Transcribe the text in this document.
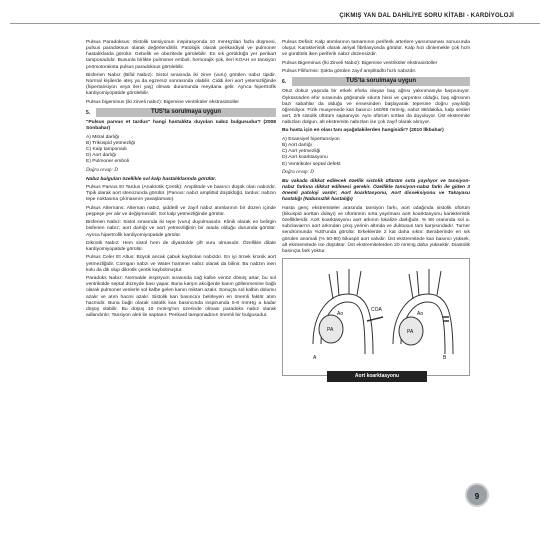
ÇIKMIŞ YAN DAL DAHİLİYE SORU KİTABI - KARDİYOLOJİ

Pulsus Paradoksus: Sistolik tansiyonun inspirasyonda 10 mmHg'dan fazla düşmesi, pulsus paradoksus olarak değerlendirilir. Patolojik olarak perikardiyal ve pulmoner hastalıklarda görülür. Gebelik ve obezitede görülebilir. En sık görüldüğü yer perikart tamponadıdır. Bununla birlikte pulmoner emboli, hemorajik şok, ileri KOAH ve tansiyon pnömotoraksta pulsus paradoksus görülebilir.

Bisferien Nabız (Bifid Nabız): Sistol sırasında iki zirve (vuru) görülen nabız tipidir. Normal kişilerde ateş ya da egzersiz sonrasında olabilir. Ciddi ileri aort yetersizliğinde (hipertansiyon veya ileri yaş) olması durumunda meydana gelir. Ayrıca hipertrofik kardiyomiyopatide görülebilir.

Pulsus bigeminus (iki zirveli nabız): Bigemine ventriküler ekstrasistoller

5.	TUS'ta sorulmaya uygun

"Pulsus parvus et tardus" hangi hastalıkta duyulan nabız bulgusudur? (2008 Sonbahar)

A) Mitral darlığı
B) Triküspid yetmezliği
C) Kalp tamponadı
D) Aort darlığı
E) Pulmoner emboli
Doğru cevap: D

Nabız bulguları özellikle sol kalp hastalıklarında görülür.

Pulsus Parvus Et Tardus (Anakrotik Çentik): Amplitüde ve basıncı düşük olan nabızdır. Tipik olarak aort stenozunda görülür. (Parvus: nabız amplitüd düşüklüğü, tardus: nabzın tepe noktasına çıkmasının yavaşlaması).

Pulsus Alternans: Alternan nabız, şiddetli ve zayıf nabız atımlarının bir düzen içinde peşpeşe yer alır ve değişmesidir. Sol kalp yetmezliğinde görülür.

Bisferien Nabız: Sistol sırasında iki tepe (vuru) duyulmasıdır. Klinik olarak en belirgin bisferien nabız; aort darlığı ve aort yetmezliğinin bir arada olduğu durumda görülür. Ayrıca hipertrofik kardiyomiyopatide görülür.

Dikrotik Nabız: Hem sistol hem de diyastolde çift vuru olmasıdır. Özellikle dilate kardiyomiyopatide görülür.

Pulsus Celer Et Altus: Büyük ancak çabuk kaybolan nabızdır. En iyi örnek kronik aort yetmezliğidir. Corrigan nabzı ve Water hammer nabız olarak da bilinir. Bu nabzın inen kolu da dik olup dikrotik çentik kaybolmuştur.

Paradoks Nabız: Normalde inspiryum sırasında sağ kalbe venöz dönüş artar, bu sol ventrikülde septal düzeyde bası yapar. Buna karşın akciğerde kanın göllenmesine bağlı olarak pulmoner venlerle sol kalbe gelen kanın miktarı azalır. Sonuçta sol kalbin dolumu azalır ve atım hacmi azalır. Sistolik kan basıncını belirleyen en önemli faktör atım hacmidir. Buna bağlı olarak sistolik kan basıncında inspirumda 5-8 mmHg a kadar düşüş olabilir. Bu düşüş 10 mmHg'nın üzerinde olması paradoks nabız olarak adlandırılır. Tansiyon aleti ile saptanır. Perikard tamponadının önemli bir bulgusudur.

Pulsus Defisit: Kalp atımlarının tamamının periferik arterlere yansımaması sonucunda oluşur. Karakteristik olarak atriyal fibrilasyonda görülür. Kalp hızı dinlemekle çok hızlı ve gürültülü iken periferik nabız düzensizdir.

Pulsus Bigeminus (İki Zirveli Nabız): Bigemine ventriküler ekstrasistoller

Pulsus Filiformis: Şokta görülen zayıf amplitüdlü hızlı nabızdır.

6.	TUS'ta sorulmaya uygun

Otuz dokuz yaşında bir erkek eforla oluşan baş ağrısı yakınmasıyla başvuruyor. Öyküsünden efor sırasında göğsünde sıkıntı hissi ve çarpıntısı olduğu, baş ağrısının bazı sabahlar da olduğu ve ensesinden başlayarak tepesine doğru yayıldığı öğreniliyor. Fizik muayenede kan basıncı 160/95 mmHg, nabız 88/dakika, kalp sesleri sert, 2/6 sistolik üfürüm saptanıyor. Aynı üfürüm sırttan da duyuluyor. Üst ekstremite nabızları dolgun, alt ekstremite nabızları ise çok zayıf olarak alınıyor.

Bu hasta için en olası tanı aşağıdakilerden hangisidir? (2010 İlkbahar)

A) Esansiyel hipertansiyon
B) Aort darlığı
C) Aort yetmezliği
D) Aort koarktasyonu
E) Ventriküler septal defekt
Doğru cevap: D

Bu vakada dikkat edilecek özellik sistolik üfürüm sırta yayılıyor ve tansiyon-nabız farkına dikkat edilmesi gerekir. Özellikle tansiyon-nabız farkı ile giden 3 önemli patoloji vardır; Aort koarktasyonu, Aort disseksiyonu ve Takayasu hastalığı (Nabızsızlık hastalığı)

Hasta genç ekstremiteler arasında tansiyon farkı, aort odağında sistolik üfürüm (bikuspid aorttan dolayı) ve üfürümün sırta yayılması aort koarktasyonu karakteristik özellikleridir. Aort koarktasyonu aort arkının lokalize darlığıdır. % 98 oranında sol a. subclavian'ın aort arkından çıkış yerinin altında ve duktusun tam karşısındadır. Turner sendromunda %30'unda görülür. Erkeklerde 2 kat daha sıktır. Beraberinde en sık görülen anomali (% 50-80) bikuspit aort valvdir. Üst ekstremitede kan basıncı yüksek, alt ekstremitede ise düşüktür. Üst ekstremitelerden 20 mmHg daha yüksektir. Diastolik basınçta fark yoktur.

Ao
PA
COA
A
Ao
PA
B
Aort koarktasyonu
9
